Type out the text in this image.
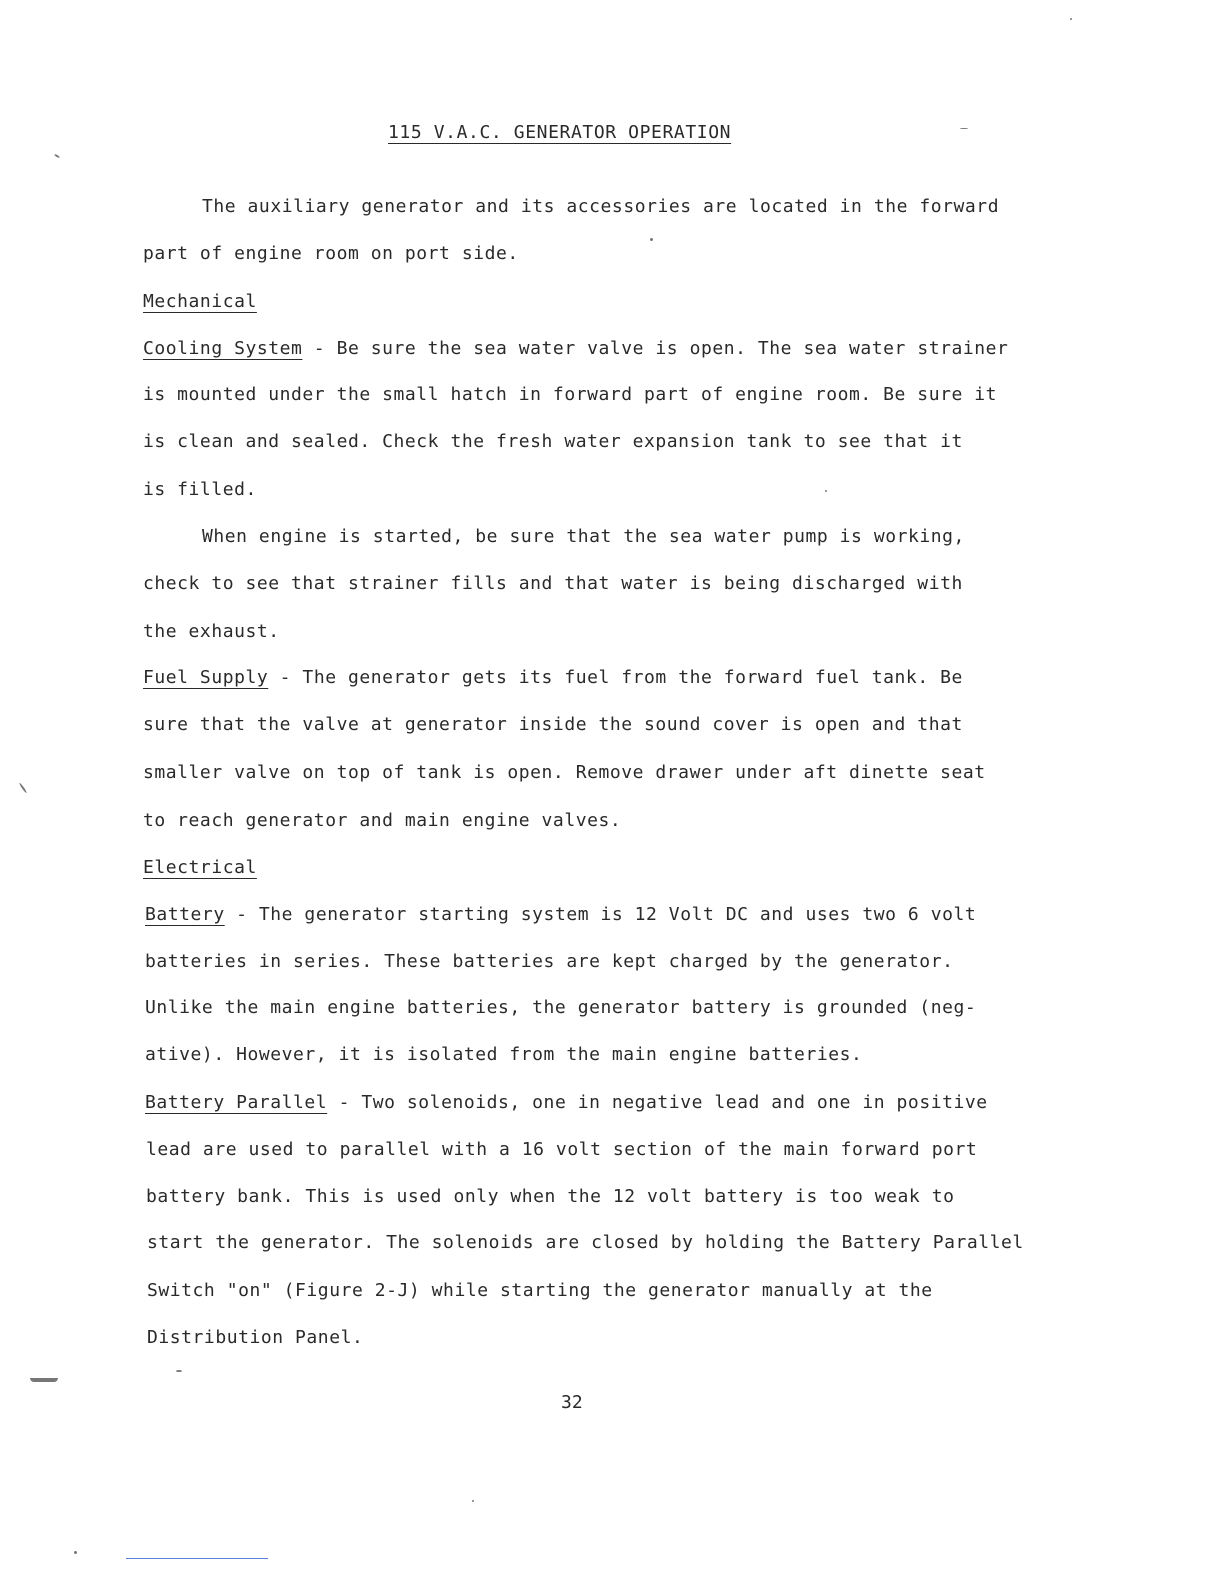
115 V.A.C. GENERATOR OPERATION
The auxiliary generator and its accessories are located in the forward
part of engine room on port side.
Mechanical
Cooling System - Be sure the sea water valve is open. The sea water strainer
is mounted under the small hatch in forward part of engine room. Be sure it
is clean and sealed. Check the fresh water expansion tank to see that it
is filled.
When engine is started, be sure that the sea water pump is working,
check to see that strainer fills and that water is being discharged with
the exhaust.
Fuel Supply - The generator gets its fuel from the forward fuel tank. Be
sure that the valve at generator inside the sound cover is open and that
smaller valve on top of tank is open. Remove drawer under aft dinette seat
to reach generator and main engine valves.
Electrical
Battery - The generator starting system is 12 Volt DC and uses two 6 volt
batteries in series. These batteries are kept charged by the generator.
Unlike the main engine batteries, the generator battery is grounded (neg-
ative). However, it is isolated from the main engine batteries.
Battery Parallel - Two solenoids, one in negative lead and one in positive
lead are used to parallel with a 16 volt section of the main forward port
battery bank. This is used only when the 12 volt battery is too weak to
start the generator. The solenoids are closed by holding the Battery Parallel
Switch "on" (Figure 2-J) while starting the generator manually at the
Distribution Panel.
32
